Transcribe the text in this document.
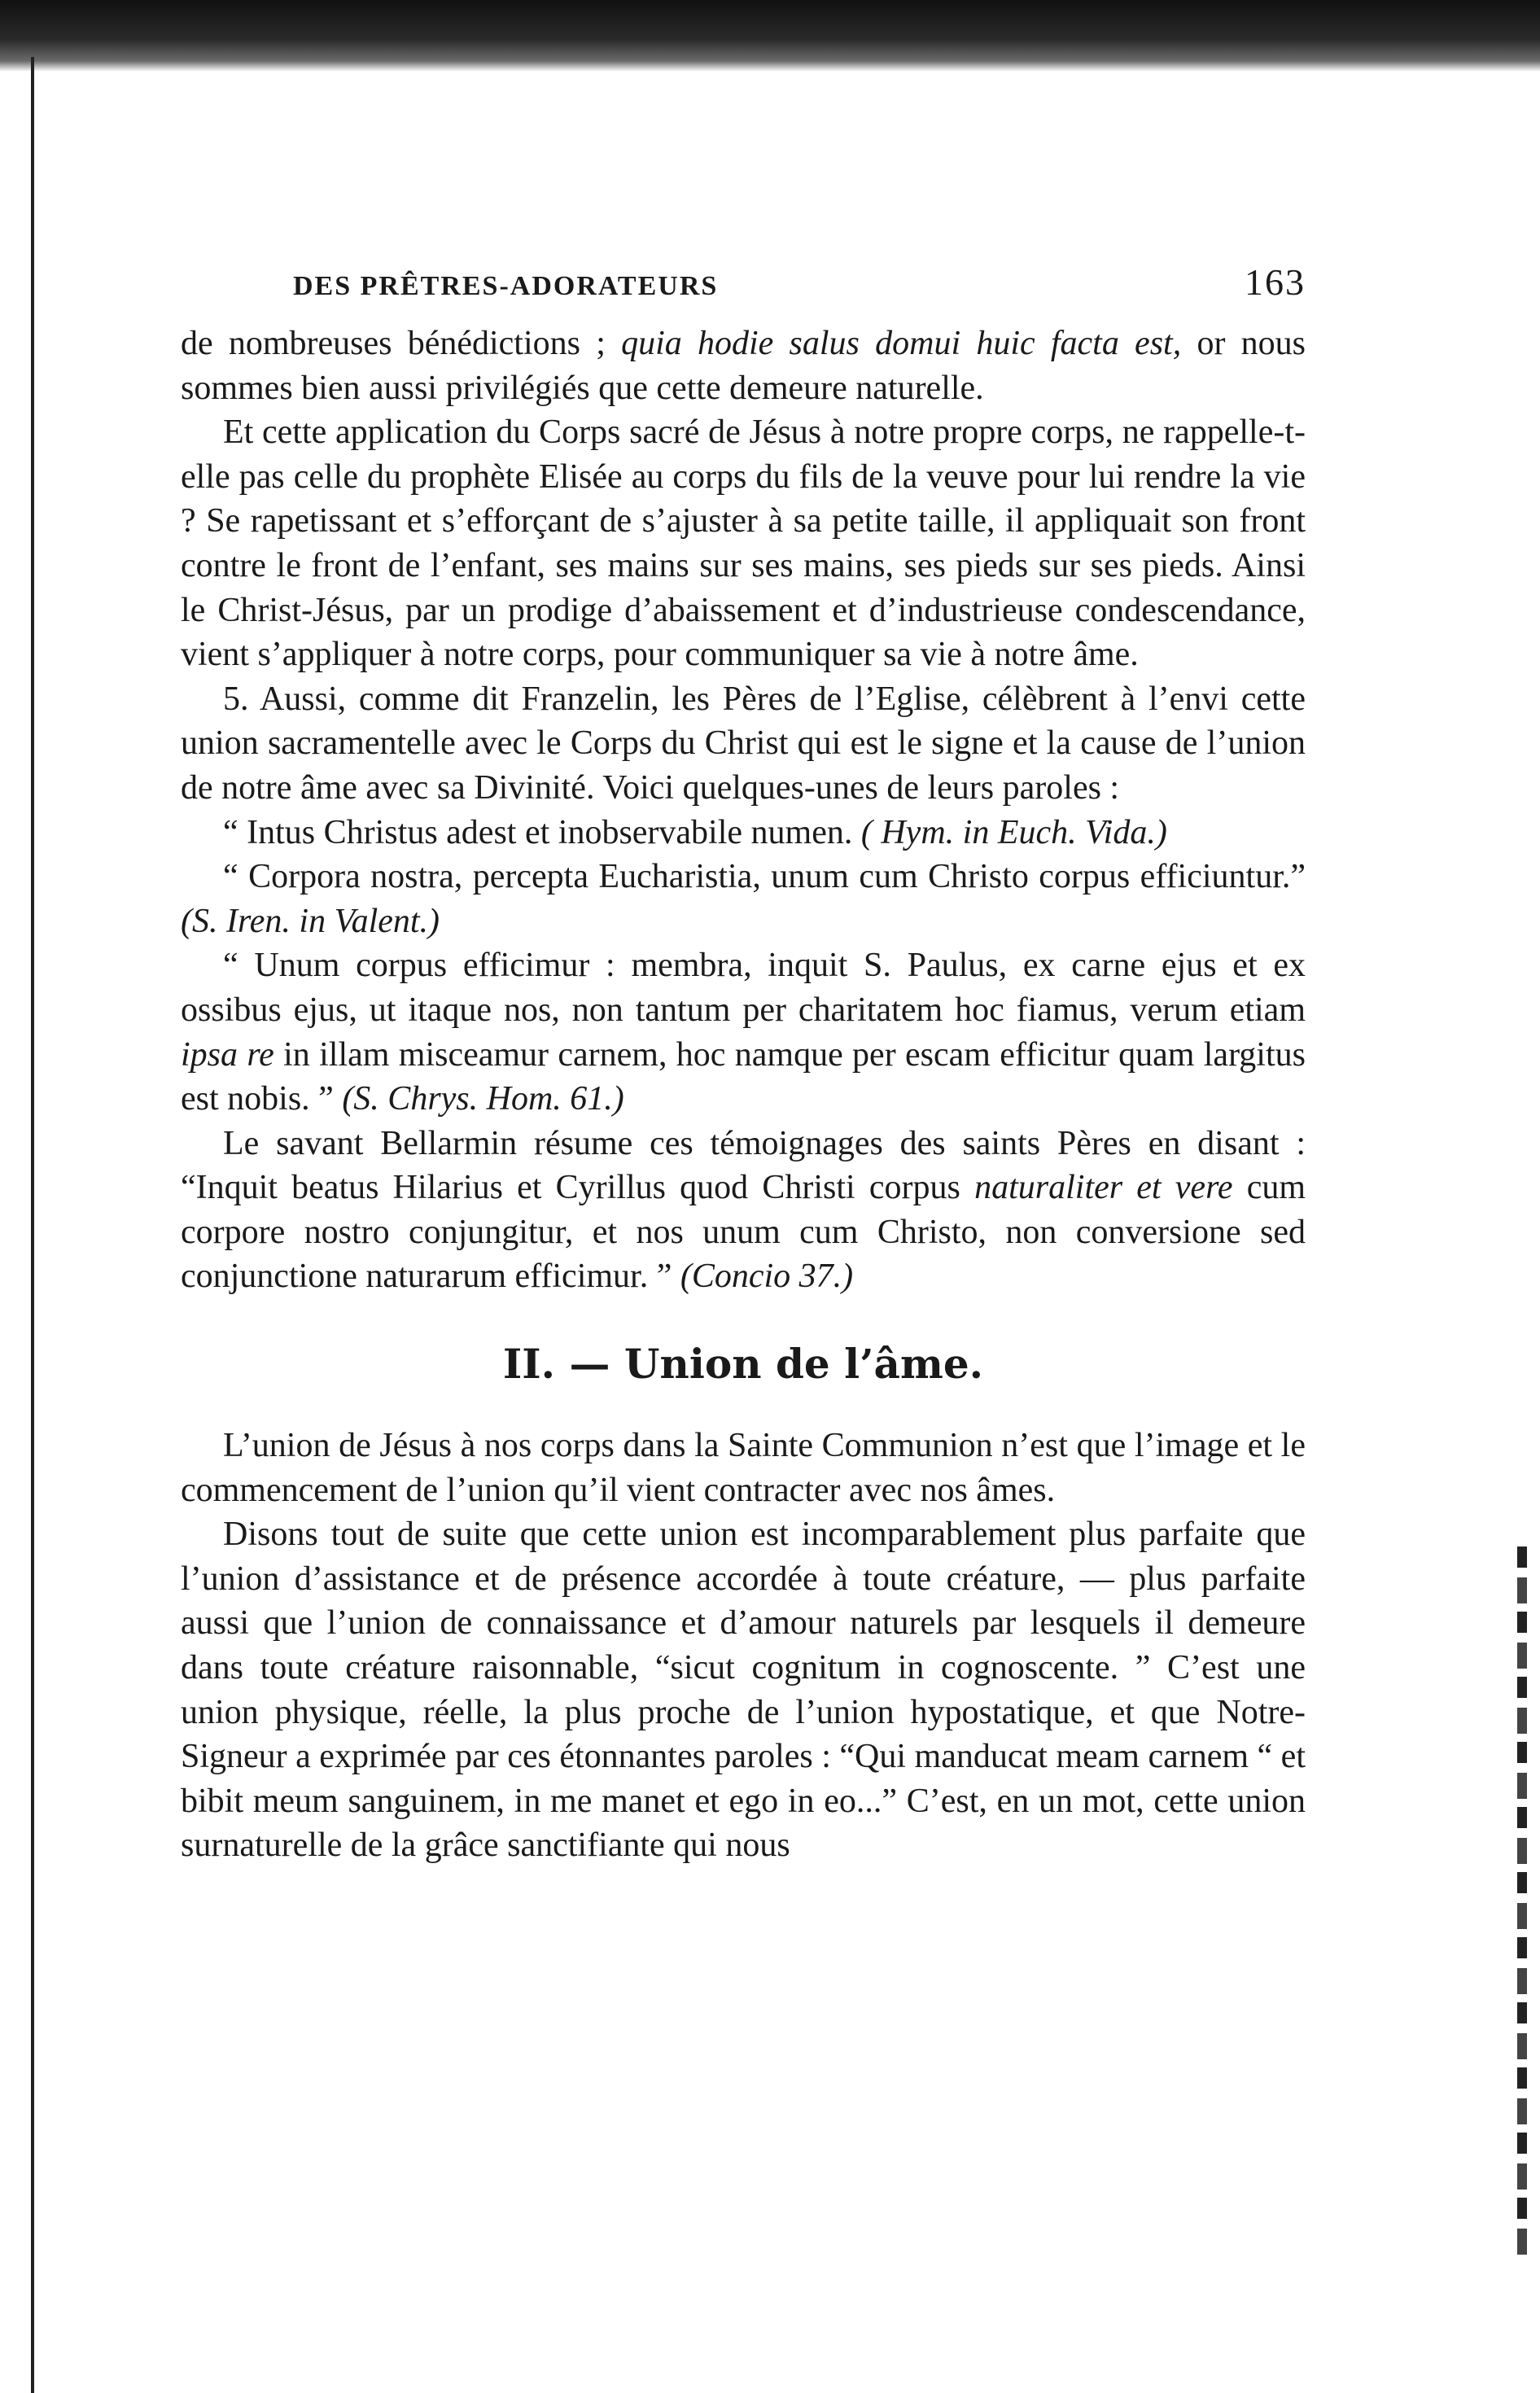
DES PRÊTRES-ADORATEURS	163

de nombreuses bénédictions ; quia hodie salus domui huic facta est, or nous sommes bien aussi privilégiés que cette demeure naturelle.

Et cette application du Corps sacré de Jésus à notre propre corps, ne rappelle-t-elle pas celle du prophète Elisée au corps du fils de la veuve pour lui rendre la vie ? Se rapetissant et s’efforçant de s’ajuster à sa petite taille, il appliquait son front contre le front de l’enfant, ses mains sur ses mains, ses pieds sur ses pieds. Ainsi le Christ-Jésus, par un prodige d’abaissement et d’industrieuse condescendance, vient s’appliquer à notre corps, pour communiquer sa vie à notre âme.

5. Aussi, comme dit Franzelin, les Pères de l’Eglise, célèbrent à l’envi cette union sacramentelle avec le Corps du Christ qui est le signe et la cause de l’union de notre âme avec sa Divinité. Voici quelques-unes de leurs paroles :

“ Intus Christus adest et inobservabile numen. ( Hym. in Euch. Vida.)

“ Corpora nostra, percepta Eucharistia, unum cum Christo corpus efficiuntur.” (S. Iren. in Valent.)

“ Unum corpus efficimur : membra, inquit S. Paulus, ex carne ejus et ex ossibus ejus, ut itaque nos, non tantum per charitatem hoc fiamus, verum etiam ipsa re in illam misceamur carnem, hoc namque per escam efficitur quam largitus est nobis. ” (S. Chrys. Hom. 61.)

Le savant Bellarmin résume ces témoignages des saints Pères en disant : “Inquit beatus Hilarius et Cyrillus quod Christi corpus naturaliter et vere cum corpore nostro conjungitur, et nos unum cum Christo, non conversione sed conjunctione naturarum efficimur. ” (Concio 37.)

II. — Union de l’âme.

L’union de Jésus à nos corps dans la Sainte Communion n’est que l’image et le commencement de l’union qu’il vient contracter avec nos âmes.

Disons tout de suite que cette union est incomparablement plus parfaite que l’union d’assistance et de présence accordée à toute créature, — plus parfaite aussi que l’union de connaissance et d’amour naturels par lesquels il demeure dans toute créature raisonnable, “sicut cognitum in cognoscente. ” C’est une union physique, réelle, la plus proche de l’union hypostatique, et que Notre-Signeur a exprimée par ces étonnantes paroles : “Qui manducat meam carnem “ et bibit meum sanguinem, in me manet et ego in eo...” C’est, en un mot, cette union surnaturelle de la grâce sanctifiante qui nous
